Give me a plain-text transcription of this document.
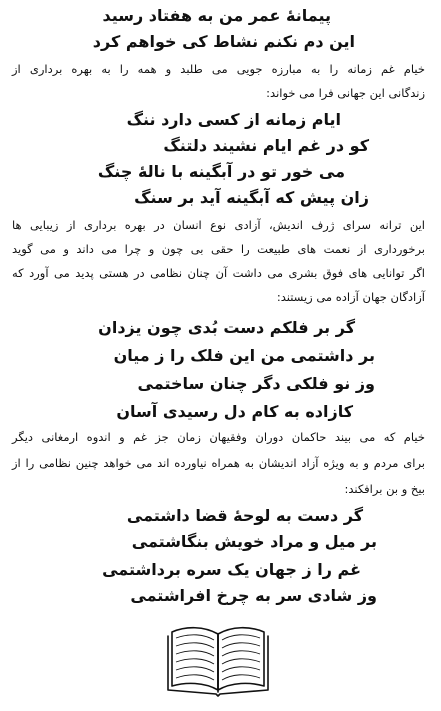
پیمانهٔ عمر من به هفتاد رسید
این دم نکنم نشاط کی خواهم کرد
خیام غم زمانه را به مبارزه جویی می طلبد و همه را به بهره برداری از
زندگانی این جهانی فرا می خواند:
ایام زمانه از کسی دارد ننگ
کو در غم ایام نشیند دلتنگ
می خور تو در آبگینه با نالهٔ چنگ
زان پیش که آبگینه آید بر سنگ
این ترانه سرای ژرف اندیش، آزادی نوع انسان در بهره برداری از زیبایی ها
برخورداری از نعمت های طبیعت را حقی بی چون و چرا می داند و می گوید
اگر توانایی های فوق بشری می داشت آن چنان نظامی در هستی پدید می آورد که
آزادگان جهان آزاده می زیستند:
گر بر فلکم دست بُدی چون یزدان
بر داشتمی من این فلک را ز میان
وز نو فلکی دگر چنان ساختمی
کازاده به کام دل رسیدی آسان
خیام که می بیند حاکمان دوران وفقیهان زمان جز غم و اندوه ارمغانی دیگر
برای مردم و به ویژه آزاد اندیشان به همراه نیاورده اند می خواهد چنین نظامی را از
بیخ و بن برافکند:
گر دست به لوحهٔ قضا داشتمی
بر میل و مراد خویش بنگاشتمی
غم را ز جهان یک سره برداشتمی
وز شادی سر به چرخ افراشتمی
